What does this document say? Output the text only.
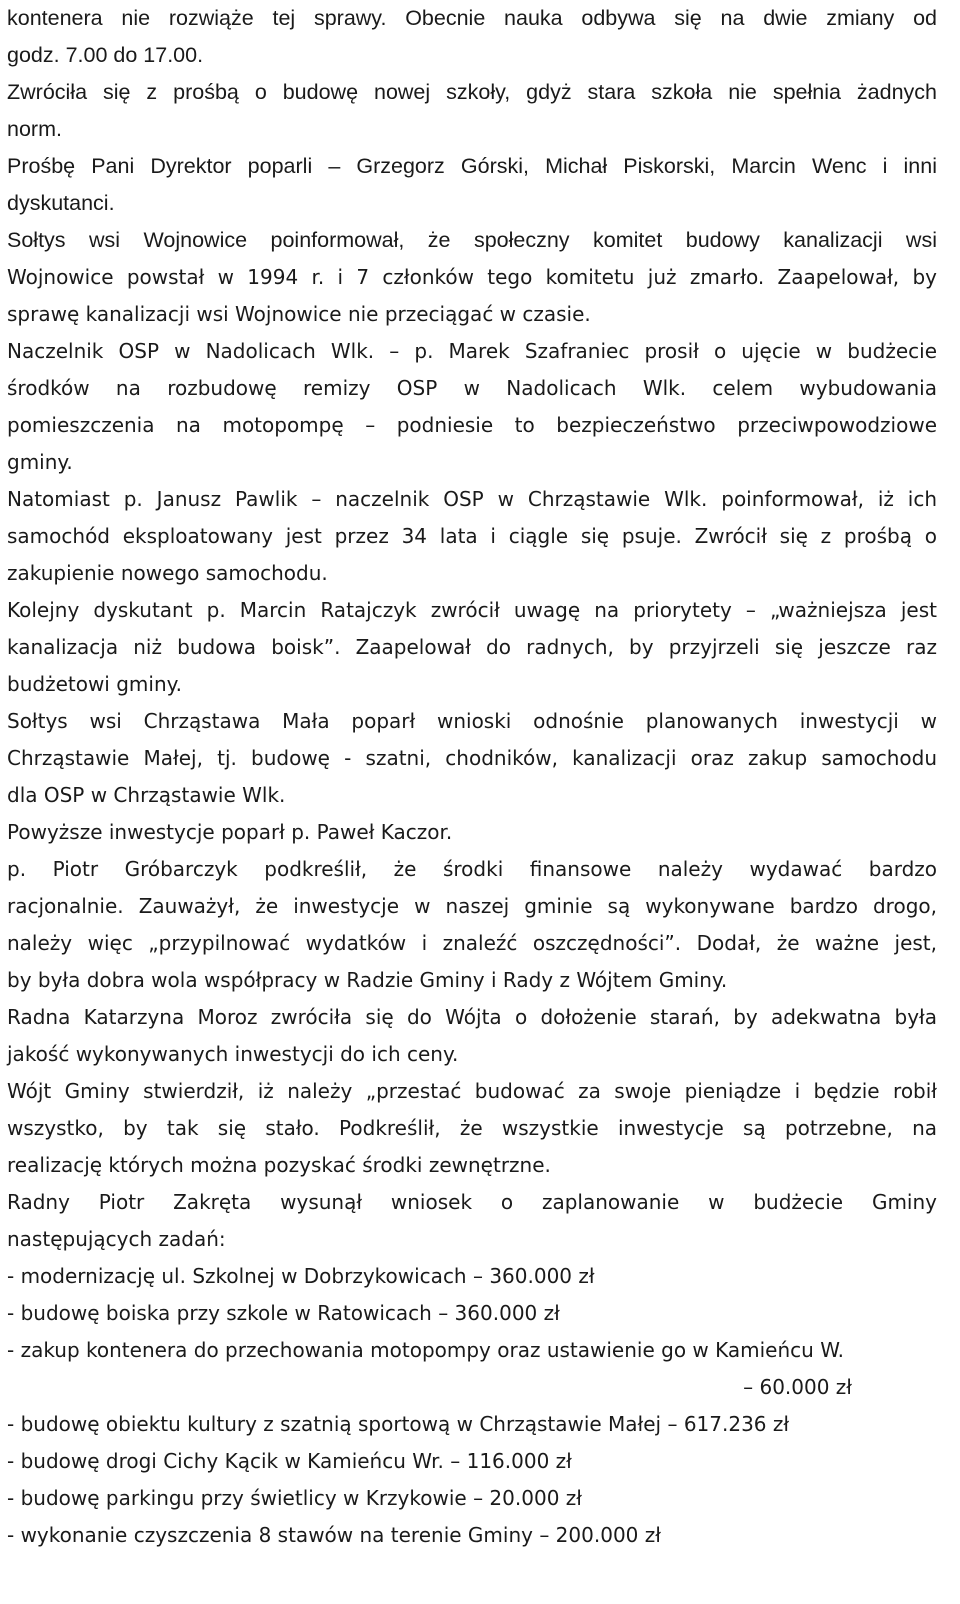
kontenera nie rozwiąże tej sprawy. Obecnie nauka odbywa się na dwie zmiany od
godz. 7.00 do 17.00.
Zwróciła się z prośbą o budowę nowej szkoły, gdyż stara szkoła nie spełnia żadnych
norm.
Prośbę Pani Dyrektor poparli – Grzegorz Górski, Michał Piskorski, Marcin Wenc i inni
dyskutanci.
Sołtys wsi Wojnowice poinformował, że społeczny komitet budowy kanalizacji wsi
Wojnowice powstał w 1994 r. i 7 członków tego komitetu już zmarło. Zaapelował, by
sprawę kanalizacji wsi Wojnowice nie przeciągać w czasie.
Naczelnik OSP w Nadolicach Wlk. – p. Marek Szafraniec prosił o ujęcie w budżecie
środków na rozbudowę remizy OSP w Nadolicach Wlk. celem wybudowania
pomieszczenia na motopompę – podniesie to bezpieczeństwo przeciwpowodziowe
gminy.
Natomiast p. Janusz Pawlik – naczelnik OSP w Chrząstawie Wlk. poinformował, iż ich
samochód eksploatowany jest przez 34 lata i ciągle się psuje. Zwrócił się z prośbą o
zakupienie nowego samochodu.
Kolejny dyskutant p. Marcin Ratajczyk zwrócił uwagę na priorytety – „ważniejsza jest
kanalizacja niż budowa boisk”. Zaapelował do radnych, by przyjrzeli się jeszcze raz
budżetowi gminy.
Sołtys wsi Chrząstawa Mała poparł wnioski odnośnie planowanych inwestycji w
Chrząstawie Małej, tj. budowę - szatni, chodników, kanalizacji oraz zakup samochodu
dla OSP w Chrząstawie Wlk.
Powyższe inwestycje poparł p. Paweł Kaczor.
p. Piotr Gróbarczyk podkreślił, że środki finansowe należy wydawać bardzo
racjonalnie. Zauważył, że inwestycje w naszej gminie są wykonywane bardzo drogo,
należy więc „przypilnować wydatków i znaleźć oszczędności”. Dodał, że ważne jest,
by była dobra wola współpracy w Radzie Gminy i Rady z Wójtem Gminy.
Radna Katarzyna Moroz zwróciła się do Wójta o dołożenie starań, by adekwatna była
jakość wykonywanych inwestycji do ich ceny.
Wójt Gminy stwierdził, iż należy „przestać budować za swoje pieniądze i będzie robił
wszystko, by tak się stało. Podkreślił, że wszystkie inwestycje są potrzebne, na
realizację których można pozyskać środki zewnętrzne.
Radny Piotr Zakręta wysunął wniosek o zaplanowanie w budżecie Gminy
następujących zadań:
- modernizację ul. Szkolnej w Dobrzykowicach – 360.000 zł
- budowę boiska przy szkole w Ratowicach – 360.000 zł
- zakup kontenera do przechowania motopompy oraz ustawienie go w Kamieńcu W.
– 60.000 zł
- budowę obiektu kultury z szatnią sportową w Chrząstawie Małej – 617.236 zł
- budowę drogi Cichy Kącik w Kamieńcu Wr. – 116.000 zł
- budowę parkingu przy świetlicy w Krzykowie – 20.000 zł
- wykonanie czyszczenia 8 stawów na terenie Gminy – 200.000 zł
